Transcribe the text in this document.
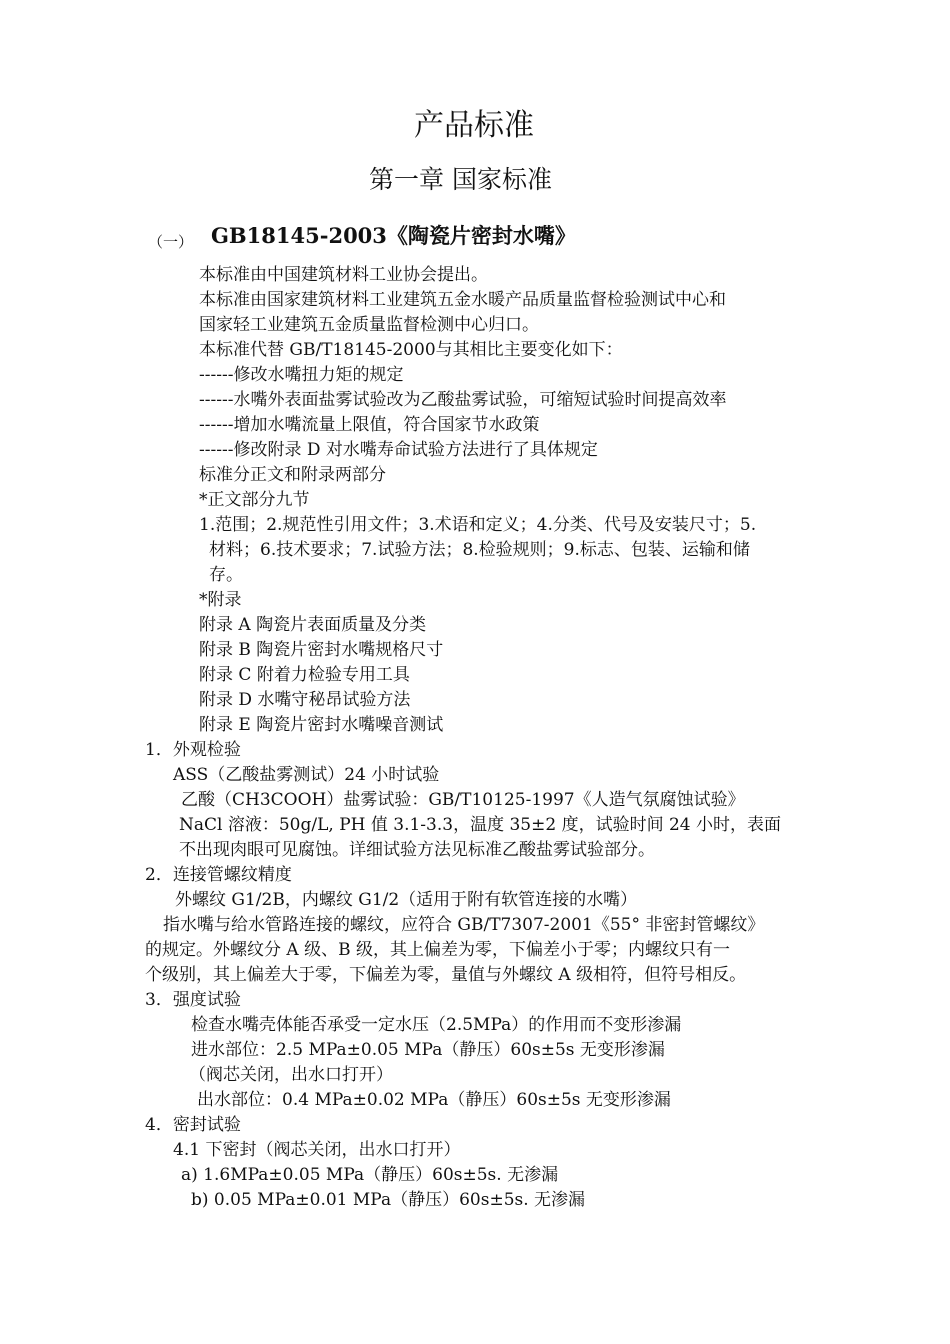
产品标准
第一章 国家标准
（一） GB18145-2003《陶瓷片密封水嘴》
本标准由中国建筑材料工业协会提出。
本标准由国家建筑材料工业建筑五金水暖产品质量监督检验测试中心和
国家轻工业建筑五金质量监督检测中心归口。
本标准代替 GB/T18145-2000与其相比主要变化如下：
------修改水嘴扭力矩的规定
------水嘴外表面盐雾试验改为乙酸盐雾试验，可缩短试验时间提高效率
------增加水嘴流量上限值，符合国家节水政策
------修改附录 D 对水嘴寿命试验方法进行了具体规定
标准分正文和附录两部分
*正文部分九节
1.范围；2.规范性引用文件；3.术语和定义；4.分类、代号及安装尺寸；5.
材料；6.技术要求；7.试验方法；8.检验规则；9.标志、包装、运输和储
存。
*附录
附录 A 陶瓷片表面质量及分类
附录 B 陶瓷片密封水嘴规格尺寸
附录 C 附着力检验专用工具
附录 D 水嘴守秘昂试验方法
附录 E 陶瓷片密封水嘴噪音测试
1．外观检验
ASS（乙酸盐雾测试）24 小时试验
乙酸（CH3COOH）盐雾试验：GB/T10125-1997《人造气氛腐蚀试验》
NaCl 溶液：50g/L, PH 值 3.1-3.3，温度 35±2 度，试验时间 24 小时，表面
不出现肉眼可见腐蚀。详细试验方法见标准乙酸盐雾试验部分。
2．连接管螺纹精度
外螺纹 G1/2B，内螺纹 G1/2（适用于附有软管连接的水嘴）
指水嘴与给水管路连接的螺纹，应符合 GB/T7307-2001《55° 非密封管螺纹》
的规定。外螺纹分 A 级、B 级，其上偏差为零，下偏差小于零；内螺纹只有一
个级别，其上偏差大于零，下偏差为零，量值与外螺纹 A 级相符，但符号相反。
3．强度试验
检查水嘴壳体能否承受一定水压（2.5MPa）的作用而不变形渗漏
进水部位：2.5 MPa±0.05 MPa（静压）60s±5s 无变形渗漏
（阀芯关闭，出水口打开）
出水部位：0.4 MPa±0.02 MPa（静压）60s±5s 无变形渗漏
4．密封试验
4.1 下密封（阀芯关闭，出水口打开）
a) 1.6MPa±0.05 MPa（静压）60s±5s. 无渗漏
b) 0.05 MPa±0.01 MPa（静压）60s±5s. 无渗漏
